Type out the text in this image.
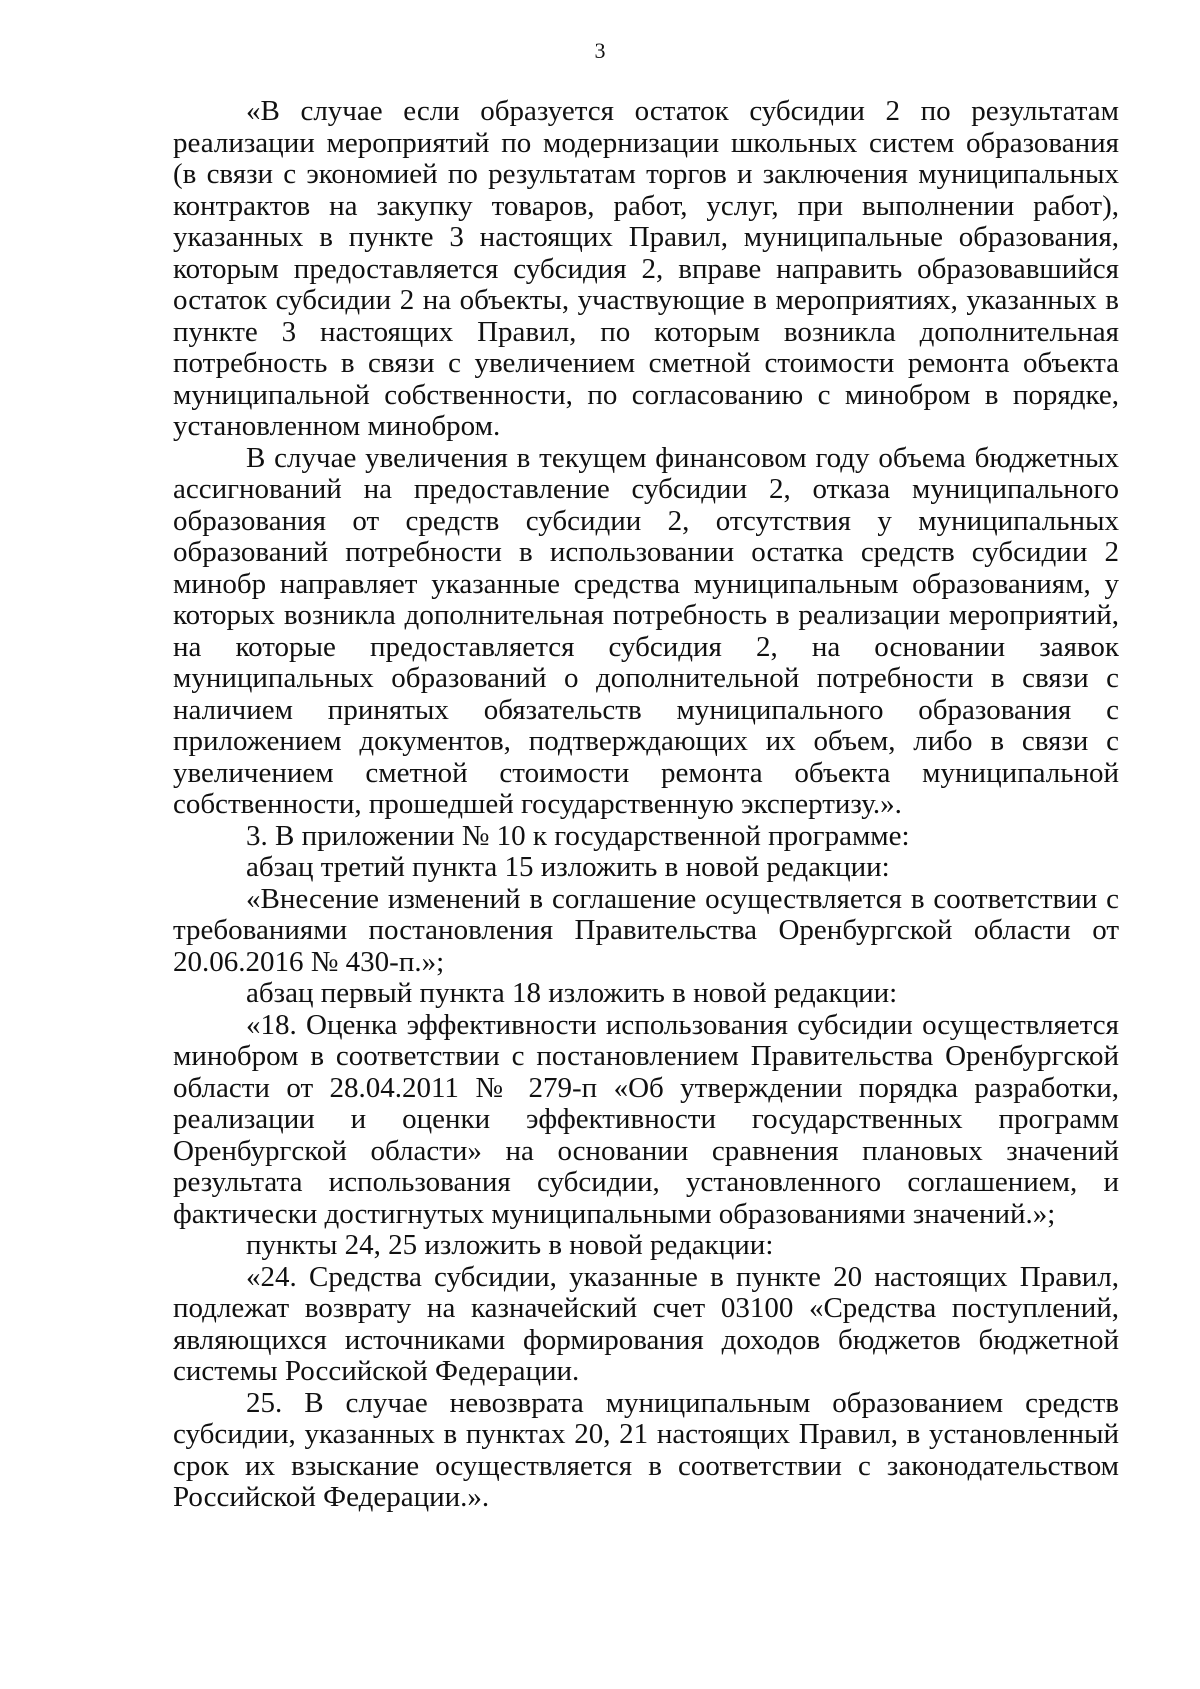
3

«В случае если образуется остаток субсидии 2 по результатам реализации мероприятий по модернизации школьных систем образования (в связи с экономией по результатам торгов и заключения муниципальных контрактов на закупку товаров, работ, услуг, при выполнении работ), указанных в пункте 3 настоящих Правил, муниципальные образования, которым предоставляется субсидия 2, вправе направить образовавшийся остаток субсидии 2 на объекты, участвующие в мероприятиях, указанных в пункте 3 настоящих Правил, по которым возникла дополнительная потребность в связи с увеличением сметной стоимости ремонта объекта муниципальной собственности, по согласованию с минобром в порядке, установленном минобром.

В случае увеличения в текущем финансовом году объема бюджетных ассигнований на предоставление субсидии 2, отказа муниципального образования от средств субсидии 2, отсутствия у муниципальных образований потребности в использовании остатка средств субсидии 2 минобр направляет указанные средства муниципальным образованиям, у которых возникла дополнительная потребность в реализации мероприятий, на которые предоставляется субсидия 2, на основании заявок муниципальных образований о дополнительной потребности в связи с наличием принятых обязательств муниципального образования с приложением документов, подтверждающих их объем, либо в связи с увеличением сметной стоимости ремонта объекта муниципальной собственности, прошедшей государственную экспертизу.».

3. В приложении № 10 к государственной программе:

абзац третий пункта 15 изложить в новой редакции:

«Внесение изменений в соглашение осуществляется в соответствии с требованиями постановления Правительства Оренбургской области от 20.06.2016 № 430-п.»;

абзац первый пункта 18 изложить в новой редакции:

«18. Оценка эффективности использования субсидии осуществляется минобром в соответствии с постановлением Правительства Оренбургской области от 28.04.2011 № 279-п «Об утверждении порядка разработки, реализации и оценки эффективности государственных программ Оренбургской области» на основании сравнения плановых значений результата использования субсидии, установленного соглашением, и фактически достигнутых муниципальными образованиями значений.»;

пункты 24, 25 изложить в новой редакции:

«24. Средства субсидии, указанные в пункте 20 настоящих Правил, подлежат возврату на казначейский счет 03100 «Средства поступлений, являющихся источниками формирования доходов бюджетов бюджетной системы Российской Федерации.

25. В случае невозврата муниципальным образованием средств субсидии, указанных в пунктах 20, 21 настоящих Правил, в установленный срок их взыскание осуществляется в соответствии с законодательством Российской Федерации.».
